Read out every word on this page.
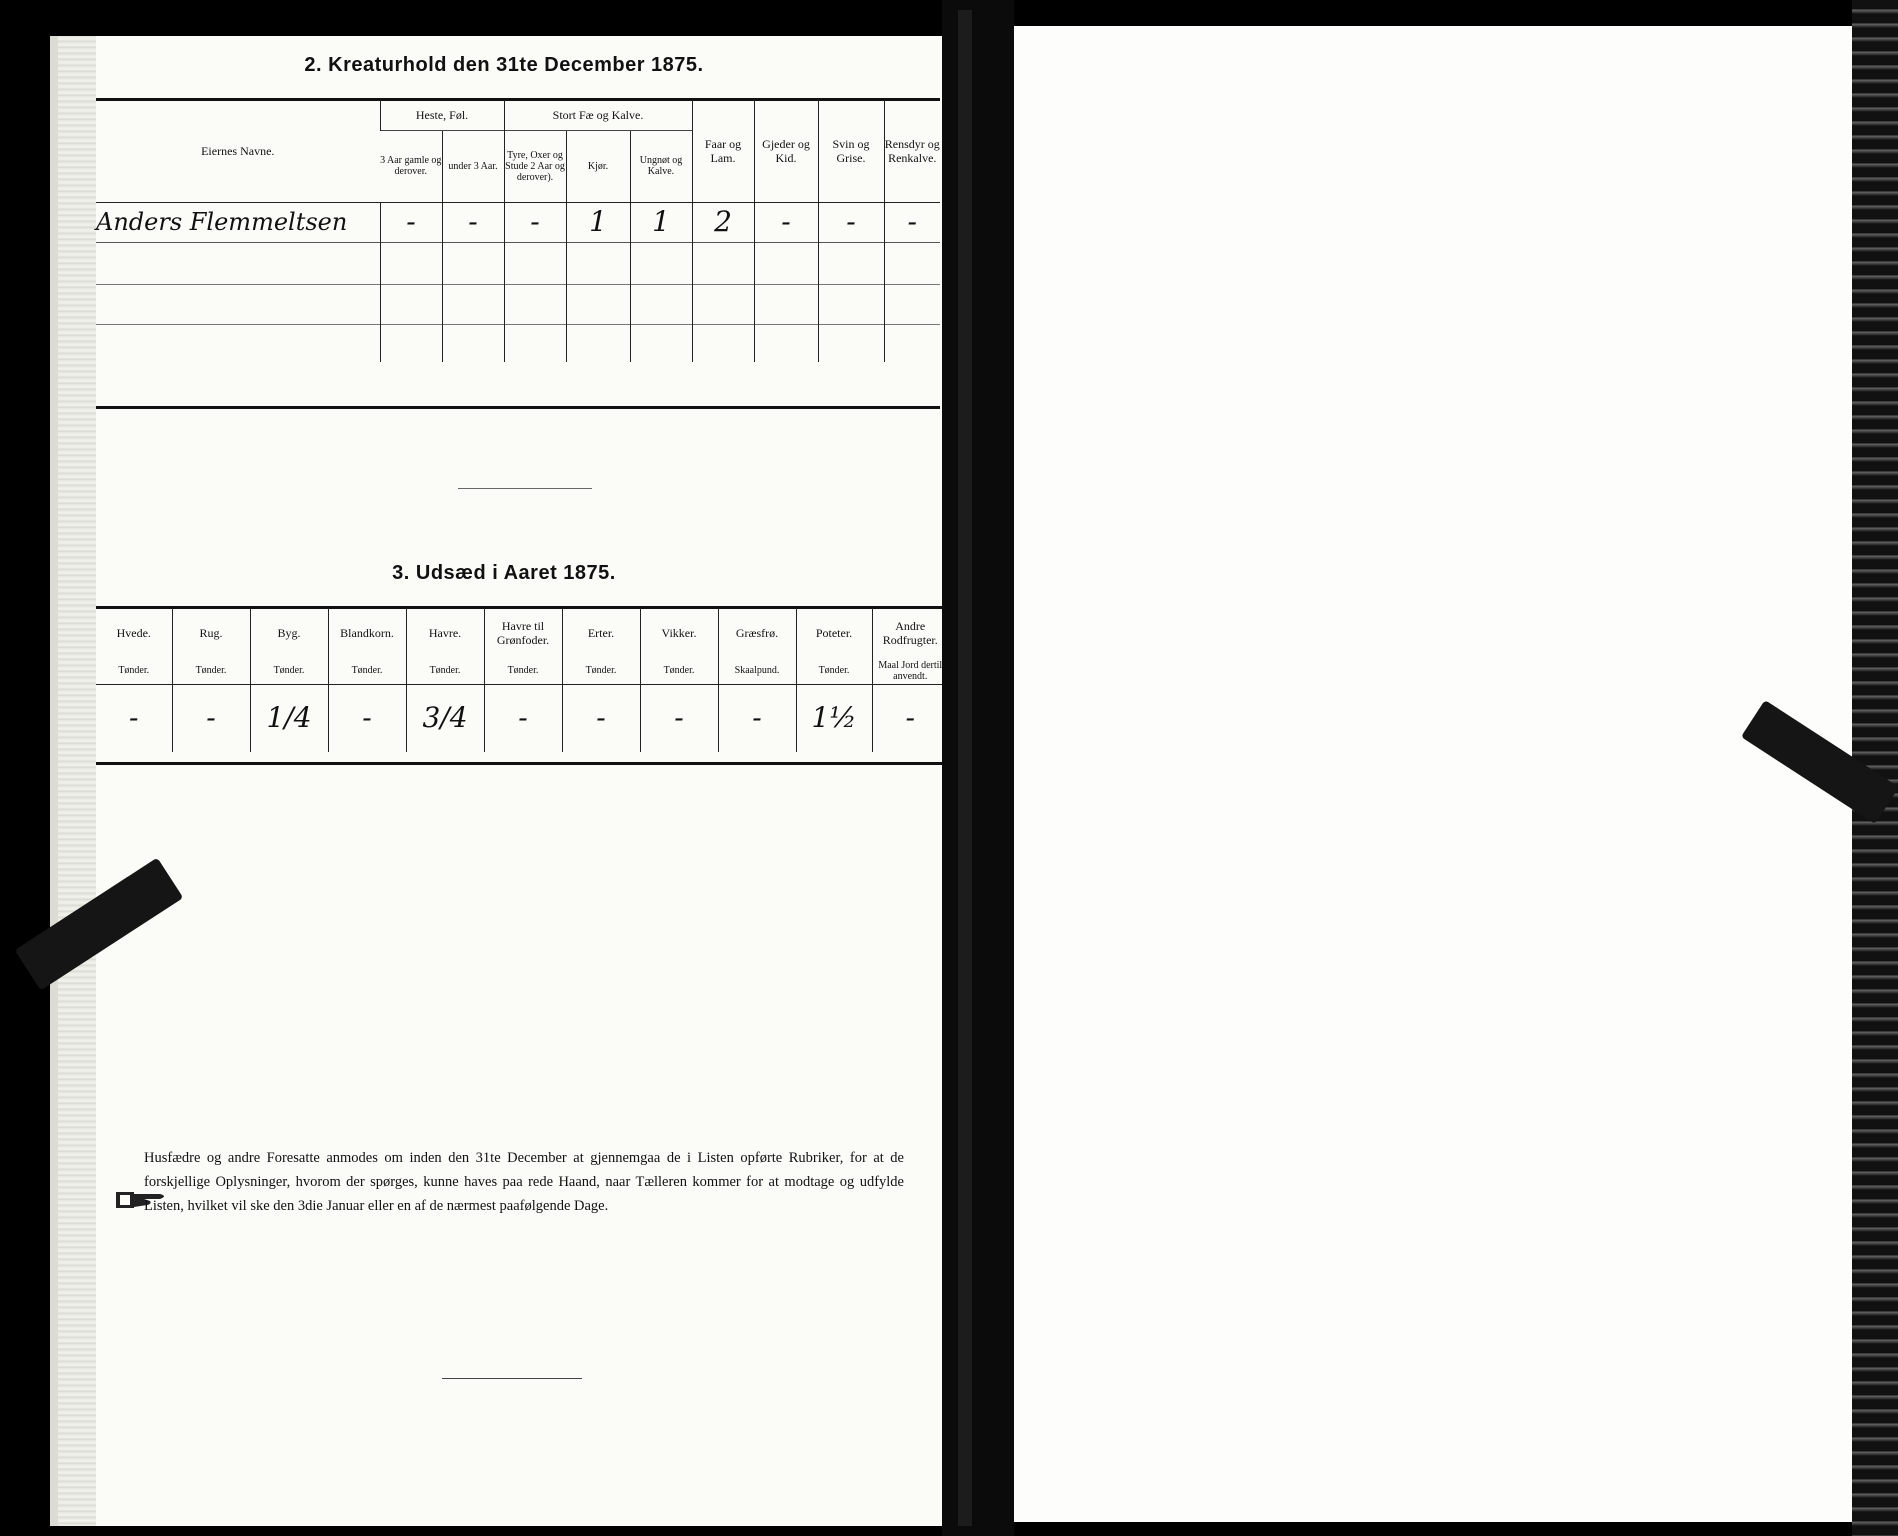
2. Kreaturhold den 31te December 1875.
Eiernes Navne.	Heste, Føl.		Stort Fæ og Kalve.			Faar og Lam.	Gjeder og Kid.	Svin og Grise.	Rensdyr og Renkalve.
	3 Aar gamle og derover.	under 3 Aar.	Tyre, Oxer og Stude 2 Aar og derover).	Kjør.	Ungnøt og Kalve.				
Anders Flemmeltsen	-	-	-	1	1	2	-	-	-

3. Udsæd i Aaret 1875.
Hvede.	Rug.	Byg.	Blandkorn.	Havre.	Havre til Grønfoder.	Erter.	Vikker.	Græsfrø.	Poteter.	Andre Rodfrugter.
Tønder.	Tønder.	Tønder.	Tønder.	Tønder.	Tønder.	Tønder.	Tønder.	Skaalpund.	Tønder.	Maal Jord dertil anvendt.
-	-	1/4	-	3/4	-	-	-	-	1½	-
Husfædre og andre Foresatte anmodes om inden den 31te December at gjennemgaa de i Listen opførte Rubriker, for at de forskjellige Oplysninger, hvorom der spørges, kunne haves paa rede Haand, naar Tælleren kommer for at modtage og udfylde Listen, hvilket vil ske den 3die Januar eller en af de nærmest paafølgende Dage.
